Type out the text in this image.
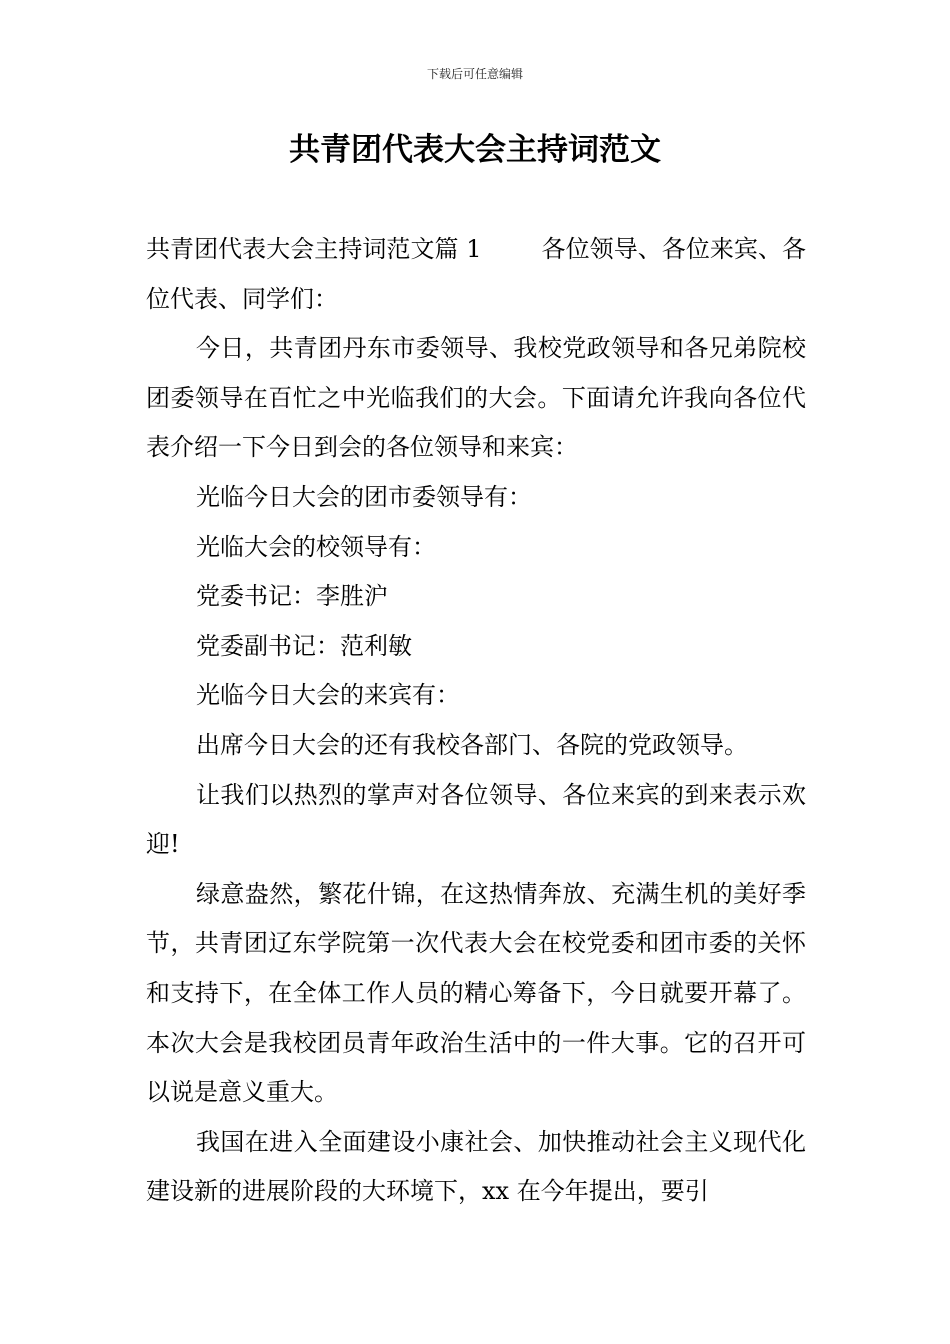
下载后可任意编辑
共青团代表大会主持词范文

共青团代表大会主持词范文篇 1	各位领导、各位来宾、各位代表、同学们：

今日，共青团丹东市委领导、我校党政领导和各兄弟院校团委领导在百忙之中光临我们的大会。下面请允许我向各位代表介绍一下今日到会的各位领导和来宾：

光临今日大会的团市委领导有：

光临大会的校领导有：

党委书记：李胜沪

党委副书记：范利敏

光临今日大会的来宾有：

出席今日大会的还有我校各部门、各院的党政领导。

让我们以热烈的掌声对各位领导、各位来宾的到来表示欢迎!

绿意盎然，繁花什锦，在这热情奔放、充满生机的美好季节，共青团辽东学院第一次代表大会在校党委和团市委的关怀和支持下，在全体工作人员的精心筹备下，今日就要开幕了。 本次大会是我校团员青年政治生活中的一件大事。它的召开可以说是意义重大。

我国在进入全面建设小康社会、加快推动社会主义现代化建设新的进展阶段的大环境下，xx 在今年提出，要引
